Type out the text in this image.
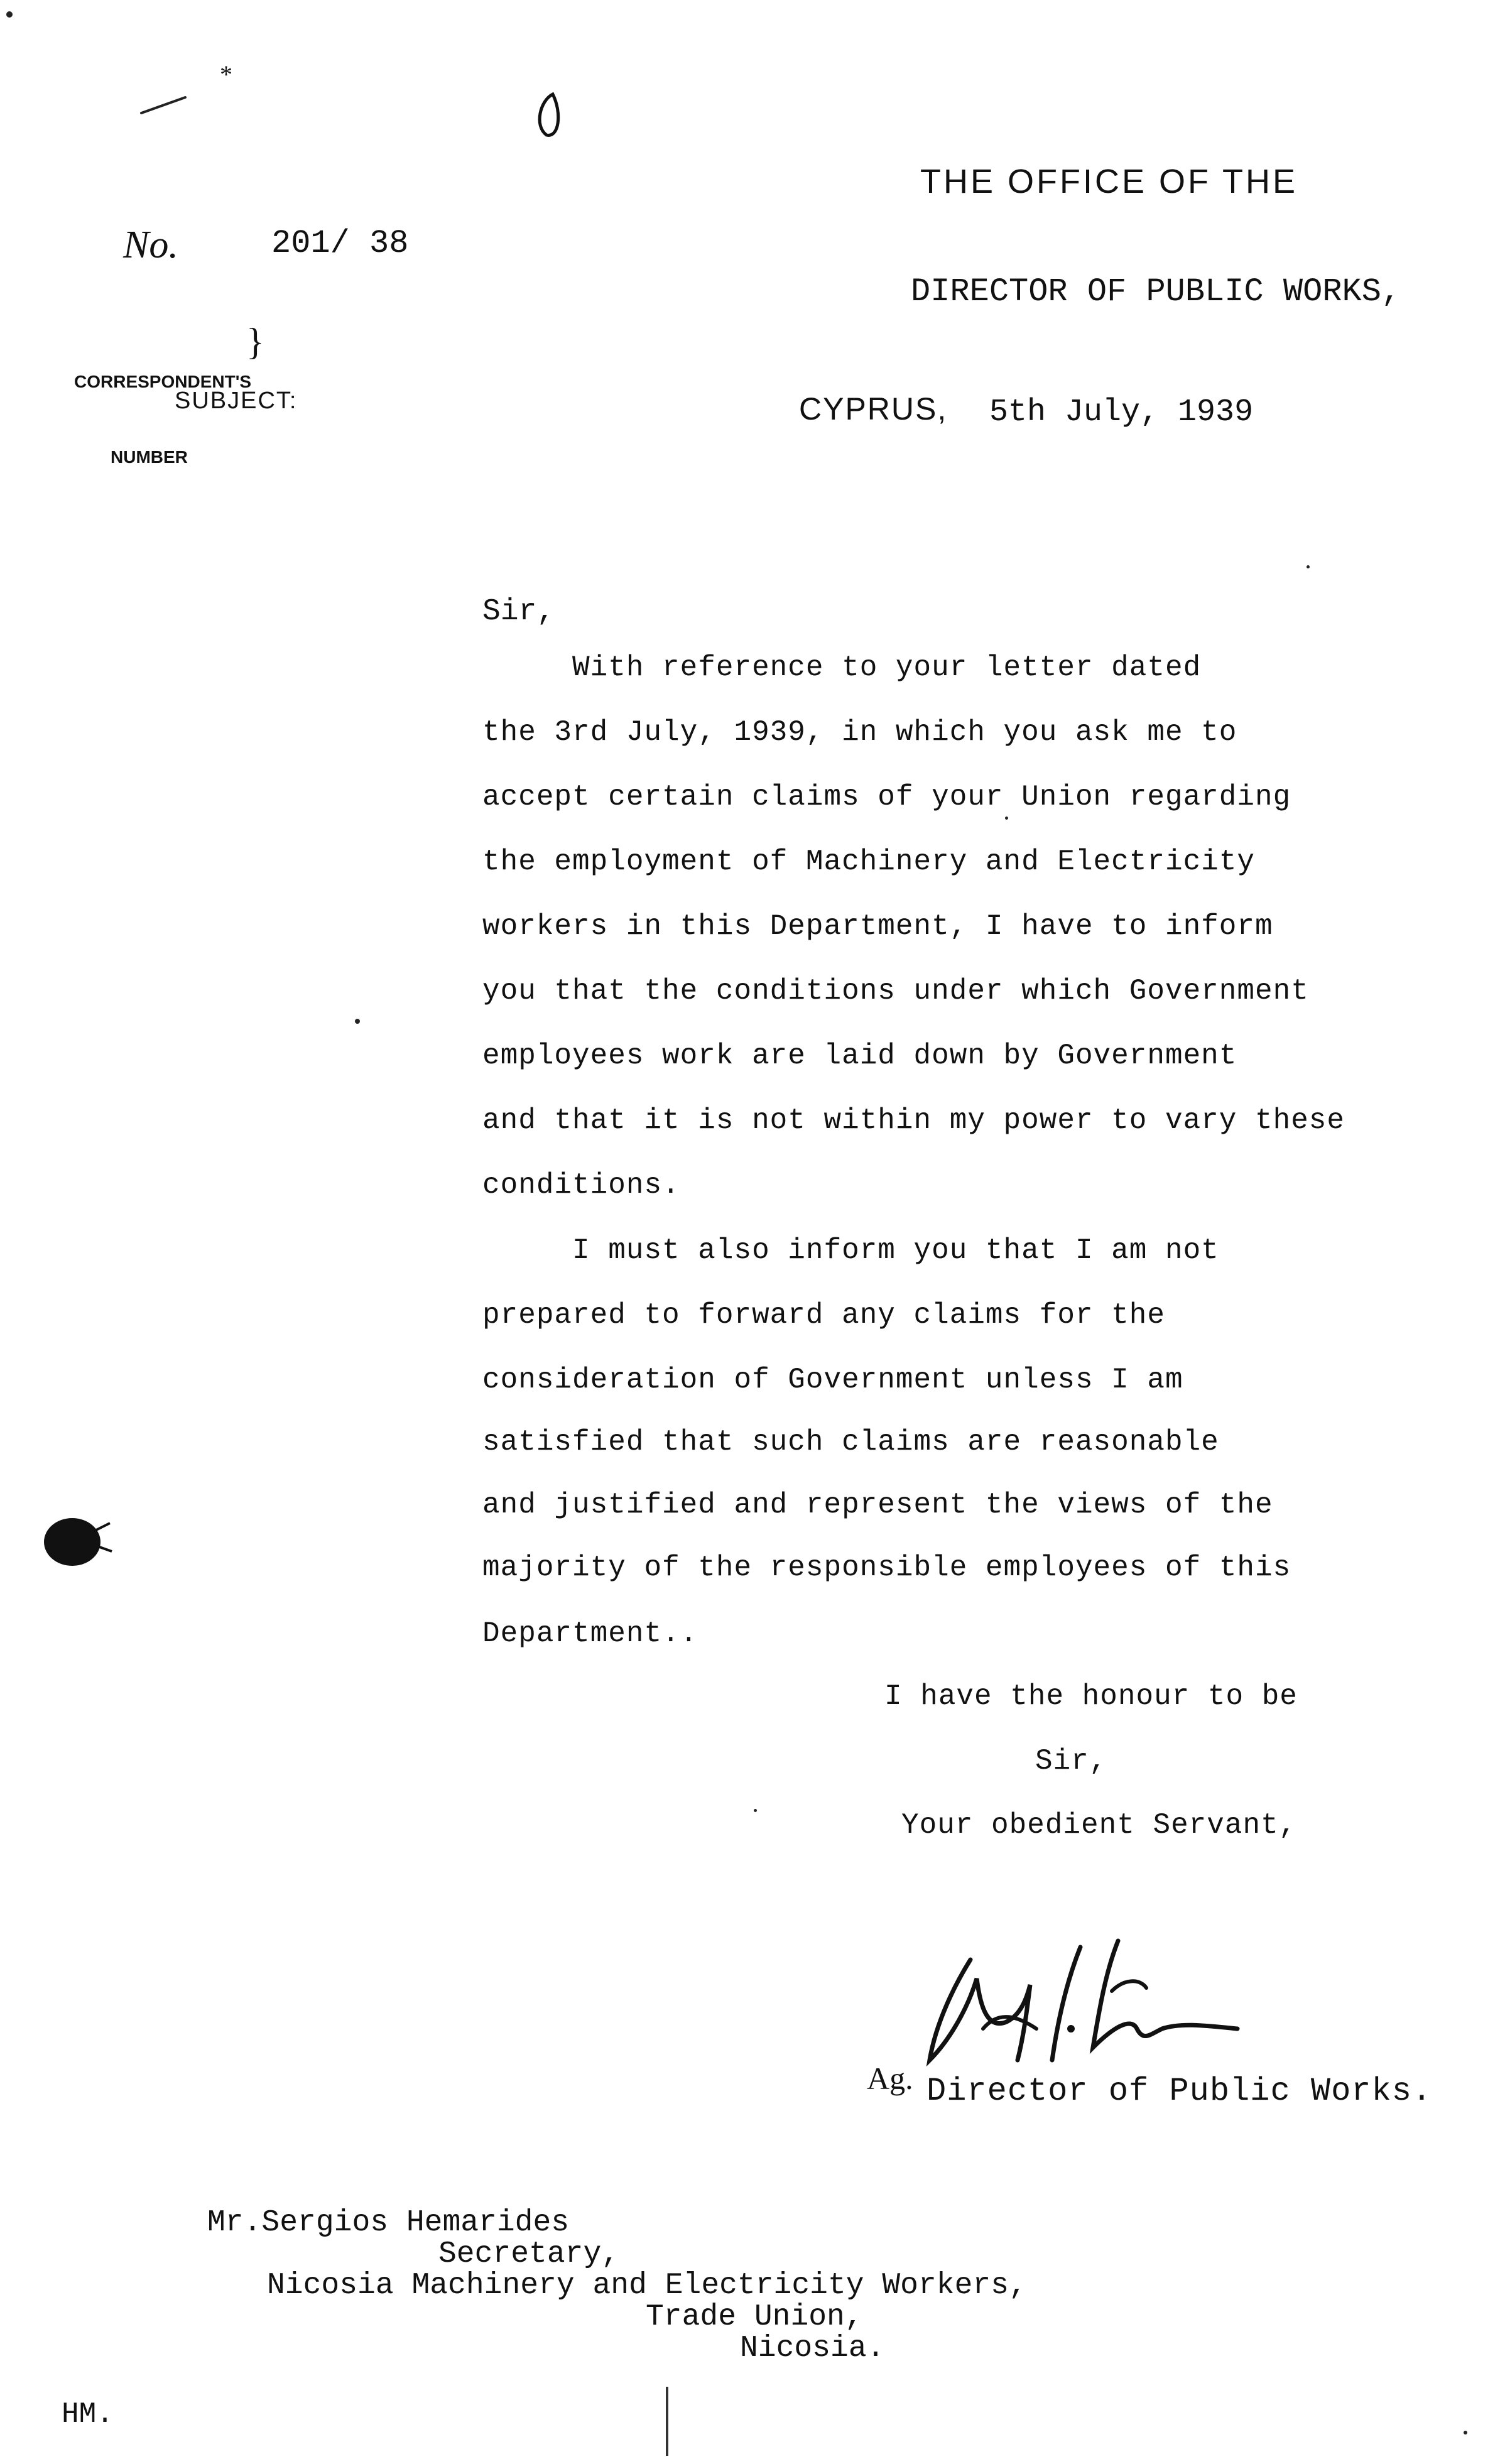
THE OFFICE OF THE
DIRECTOR OF PUBLIC WORKS,
CYPRUS, 5th July, 1939
No.	201/ 38

CORRESPONDENT'S

NUMBER

}
SUBJECT:
Sir,
With reference to your letter dated
the 3rd July, 1939, in which you ask me to
accept certain claims of your Union regarding
the employment of Machinery and Electricity
workers in this Department, I have to inform
you that the conditions under which Government
employees work are laid down by Government
and that it is not within my power to vary these
conditions.
I must also inform you that I am not
prepared to forward any claims for the
consideration of Government unless I am
satisfied that such claims are reasonable
and justified and represent the views of the
majority of the responsible employees of this
Department..
I have the honour to be
Sir,
Your obedient Servant,
Ag. Director of Public Works.
Mr.Sergios Hemarides
Secretary,
Nicosia Machinery and Electricity Workers,
Trade Union,
Nicosia.
HM.
*
